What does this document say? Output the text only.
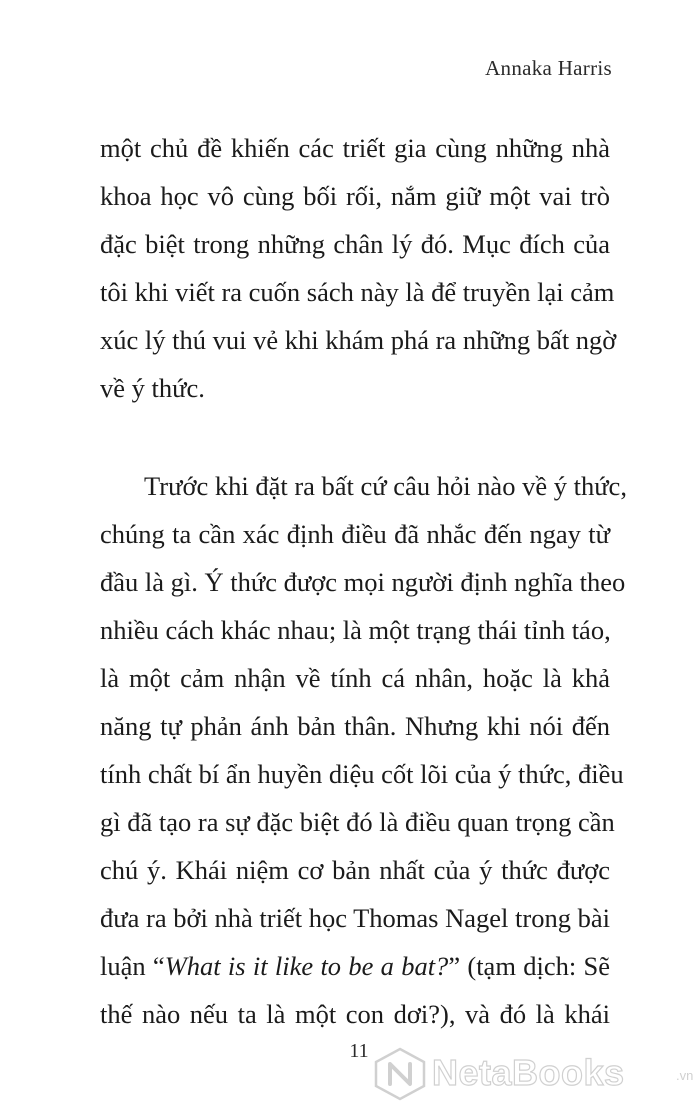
Annaka Harris
một chủ đề khiến các triết gia cùng những nhà
khoa học vô cùng bối rối, nắm giữ một vai trò
đặc biệt trong những chân lý đó. Mục đích của
tôi khi viết ra cuốn sách này là để truyền lại cảm
xúc lý thú vui vẻ khi khám phá ra những bất ngờ
về ý thức.
Trước khi đặt ra bất cứ câu hỏi nào về ý thức,
chúng ta cần xác định điều đã nhắc đến ngay từ
đầu là gì. Ý thức được mọi người định nghĩa theo
nhiều cách khác nhau; là một trạng thái tỉnh táo,
là một cảm nhận về tính cá nhân, hoặc là khả
năng tự phản ánh bản thân. Nhưng khi nói đến
tính chất bí ẩn huyền diệu cốt lõi của ý thức, điều
gì đã tạo ra sự đặc biệt đó là điều quan trọng cần
chú ý. Khái niệm cơ bản nhất của ý thức được
đưa ra bởi nhà triết học Thomas Nagel trong bài
luận “What is it like to be a bat?” (tạm dịch: Sẽ
thế nào nếu ta là một con dơi?), và đó là khái
11
NetaBooks	.vn
